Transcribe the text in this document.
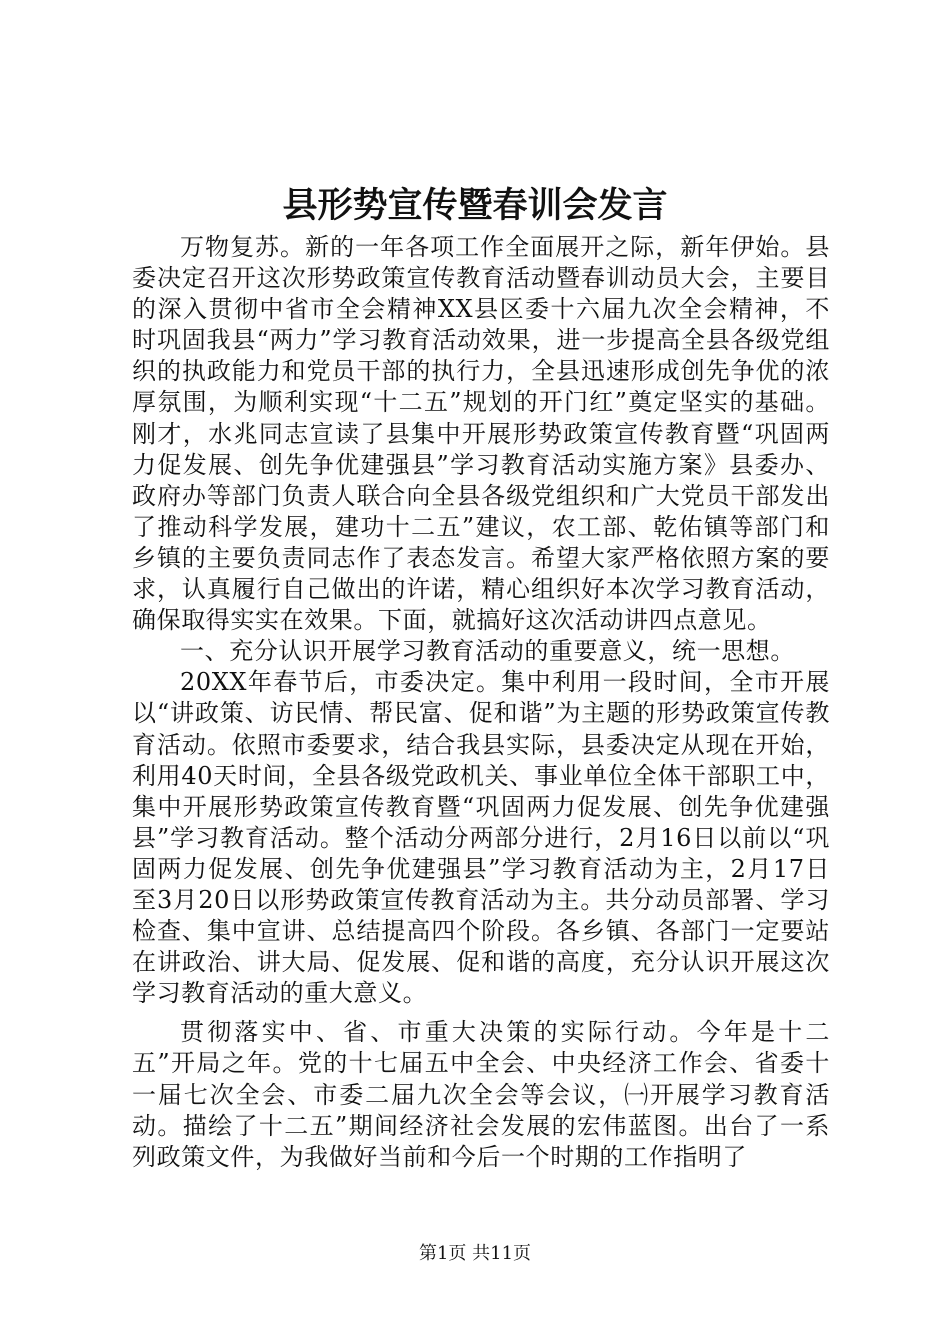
县形势宣传暨春训会发言

万物复苏。新的一年各项工作全面展开之际，新年伊始。县委决定召开这次形势政策宣传教育活动暨春训动员大会，主要目的深入贯彻中省市全会精神XX县区委十六届九次全会精神，不时巩固我县“两力”学习教育活动效果，进一步提高全县各级党组织的执政能力和党员干部的执行力，全县迅速形成创先争优的浓厚氛围，为顺利实现“十二五”规划的开门红”奠定坚实的基础。刚才，水兆同志宣读了县集中开展形势政策宣传教育暨“巩固两力促发展、创先争优建强县”学习教育活动实施方案》县委办、政府办等部门负责人联合向全县各级党组织和广大党员干部发出了推动科学发展，建功十二五”建议，农工部、乾佑镇等部门和乡镇的主要负责同志作了表态发言。希望大家严格依照方案的要求，认真履行自己做出的许诺，精心组织好本次学习教育活动，确保取得实实在效果。下面，就搞好这次活动讲四点意见。

一、充分认识开展学习教育活动的重要意义，统一思想。

20XX年春节后，市委决定。集中利用一段时间，全市开展以“讲政策、访民情、帮民富、促和谐”为主题的形势政策宣传教育活动。依照市委要求，结合我县实际，县委决定从现在开始，利用40天时间，全县各级党政机关、事业单位全体干部职工中，集中开展形势政策宣传教育暨“巩固两力促发展、创先争优建强县”学习教育活动。整个活动分两部分进行，2月16日以前以“巩固两力促发展、创先争优建强县”学习教育活动为主，2月17日至3月20日以形势政策宣传教育活动为主。共分动员部署、学习检查、集中宣讲、总结提高四个阶段。各乡镇、各部门一定要站在讲政治、讲大局、促发展、促和谐的高度，充分认识开展这次学习教育活动的重大意义。

贯彻落实中、省、市重大决策的实际行动。今年是十二五”开局之年。党的十七届五中全会、中央经济工作会、省委十一届七次全会、市委二届九次全会等会议，㈠开展学习教育活动。描绘了十二五”期间经济社会发展的宏伟蓝图。出台了一系列政策文件，为我做好当前和今后一个时期的工作指明了

第1页 共11页
